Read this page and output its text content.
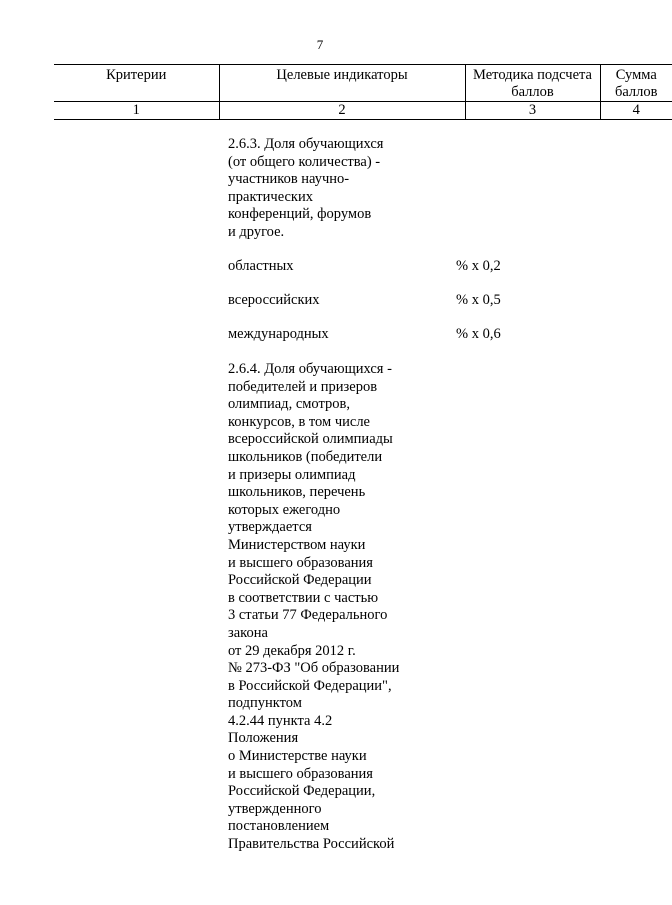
7
Критерии	Целевые индикаторы	Методика подсчета баллов	Сумма баллов
1	2	3	4
2.6.3. Доля обучающихся
(от общего количества) -
участников научно-
практических
конференций, форумов
и другое.
областных	% x 0,2
всероссийских	% x 0,5
международных	% x 0,6
2.6.4. Доля обучающихся -
победителей и призеров
олимпиад, смотров,
конкурсов, в том числе
всероссийской олимпиады
школьников (победители
и призеры олимпиад
школьников, перечень
которых ежегодно
утверждается
Министерством науки
и высшего образования
Российской Федерации
в соответствии с частью
3 статьи 77 Федерального
закона
от 29 декабря 2012 г.
№ 273-ФЗ "Об образовании
в Российской Федерации",
подпунктом
4.2.44 пункта 4.2
Положения
о Министерстве науки
и высшего образования
Российской Федерации,
утвержденного
постановлением
Правительства Российской
